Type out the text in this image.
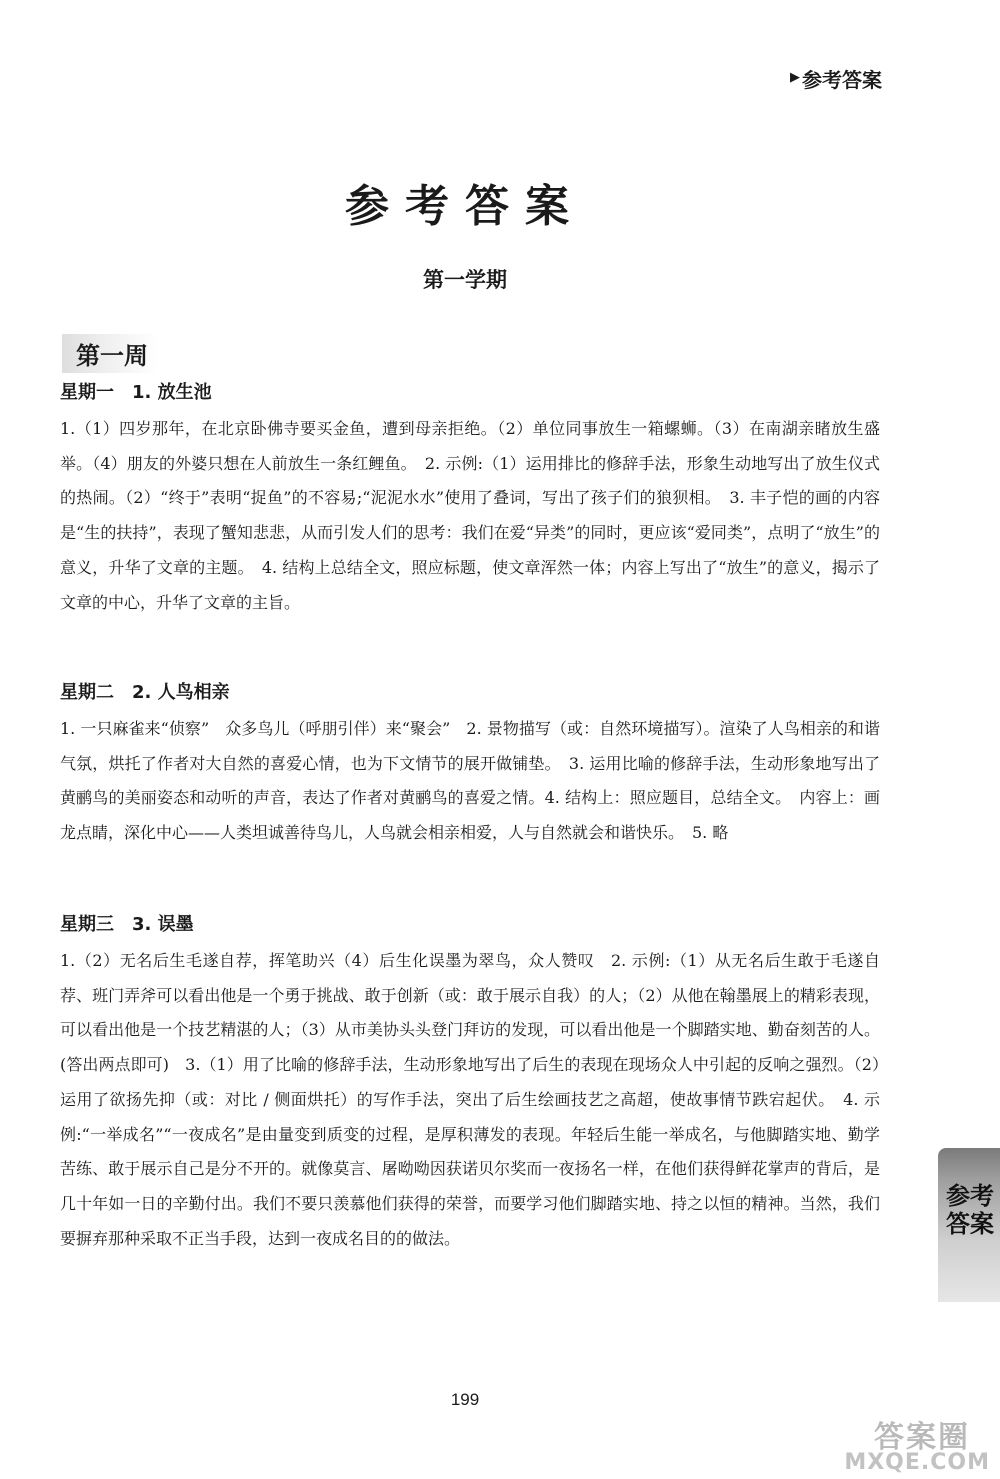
▶ 参考答案
参考答案
第一学期
第一周
星期一　1. 放生池

1.（1）四岁那年，在北京卧佛寺要买金鱼，遭到母亲拒绝。（2）单位同事放生一箱螺蛳。（3）在南湖亲睹放生盛举。（4）朋友的外婆只想在人前放生一条红鲤鱼。　2. 示例:（1）运用排比的修辞手法，形象生动地写出了放生仪式的热闹。（2）“终于”表明“捉鱼”的不容易;“泥泥水水”使用了叠词，写出了孩子们的狼狈相。　3. 丰子恺的画的内容是“生的扶持”，表现了蟹知悲悲，从而引发人们的思考：我们在爱“异类”的同时，更应该“爱同类”，点明了“放生”的意义，升华了文章的主题。　4. 结构上总结全文，照应标题，使文章浑然一体；内容上写出了“放生”的意义，揭示了文章的中心，升华了文章的主旨。

星期二　2. 人鸟相亲

1. 一只麻雀来“侦察”　众多鸟儿（呼朋引伴）来“聚会”　2. 景物描写（或：自然环境描写）。渲染了人鸟相亲的和谐气氛，烘托了作者对大自然的喜爱心情，也为下文情节的展开做铺垫。　3. 运用比喻的修辞手法，生动形象地写出了黄鹂鸟的美丽姿态和动听的声音，表达了作者对黄鹂鸟的喜爱之情。4. 结构上：照应题目，总结全文。　内容上：画龙点睛，深化中心——人类坦诚善待鸟儿，人鸟就会相亲相爱，人与自然就会和谐快乐。　5. 略

星期三　3. 误墨

1.（2）无名后生毛遂自荐，挥笔助兴（4）后生化误墨为翠鸟，众人赞叹　2. 示例:（1）从无名后生敢于毛遂自荐、班门弄斧可以看出他是一个勇于挑战、敢于创新（或：敢于展示自我）的人；（2）从他在翰墨展上的精彩表现，可以看出他是一个技艺精湛的人；（3）从市美协头头登门拜访的发现，可以看出他是一个脚踏实地、勤奋刻苦的人。(答出两点即可)　3.（1）用了比喻的修辞手法，生动形象地写出了后生的表现在现场众人中引起的反响之强烈。（2）运用了欲扬先抑（或：对比 / 侧面烘托）的写作手法，突出了后生绘画技艺之高超，使故事情节跌宕起伏。　4. 示例:“一举成名”“一夜成名”是由量变到质变的过程，是厚积薄发的表现。年轻后生能一举成名，与他脚踏实地、勤学苦练、敢于展示自己是分不开的。就像莫言、屠呦呦因获诺贝尔奖而一夜扬名一样，在他们获得鲜花掌声的背后，是几十年如一日的辛勤付出。我们不要只羡慕他们获得的荣誉，而要学习他们脚踏实地、持之以恒的精神。当然，我们要摒弃那种采取不正当手段，达到一夜成名目的的做法。

参考答案
199
答案圈
MXQE.COM
